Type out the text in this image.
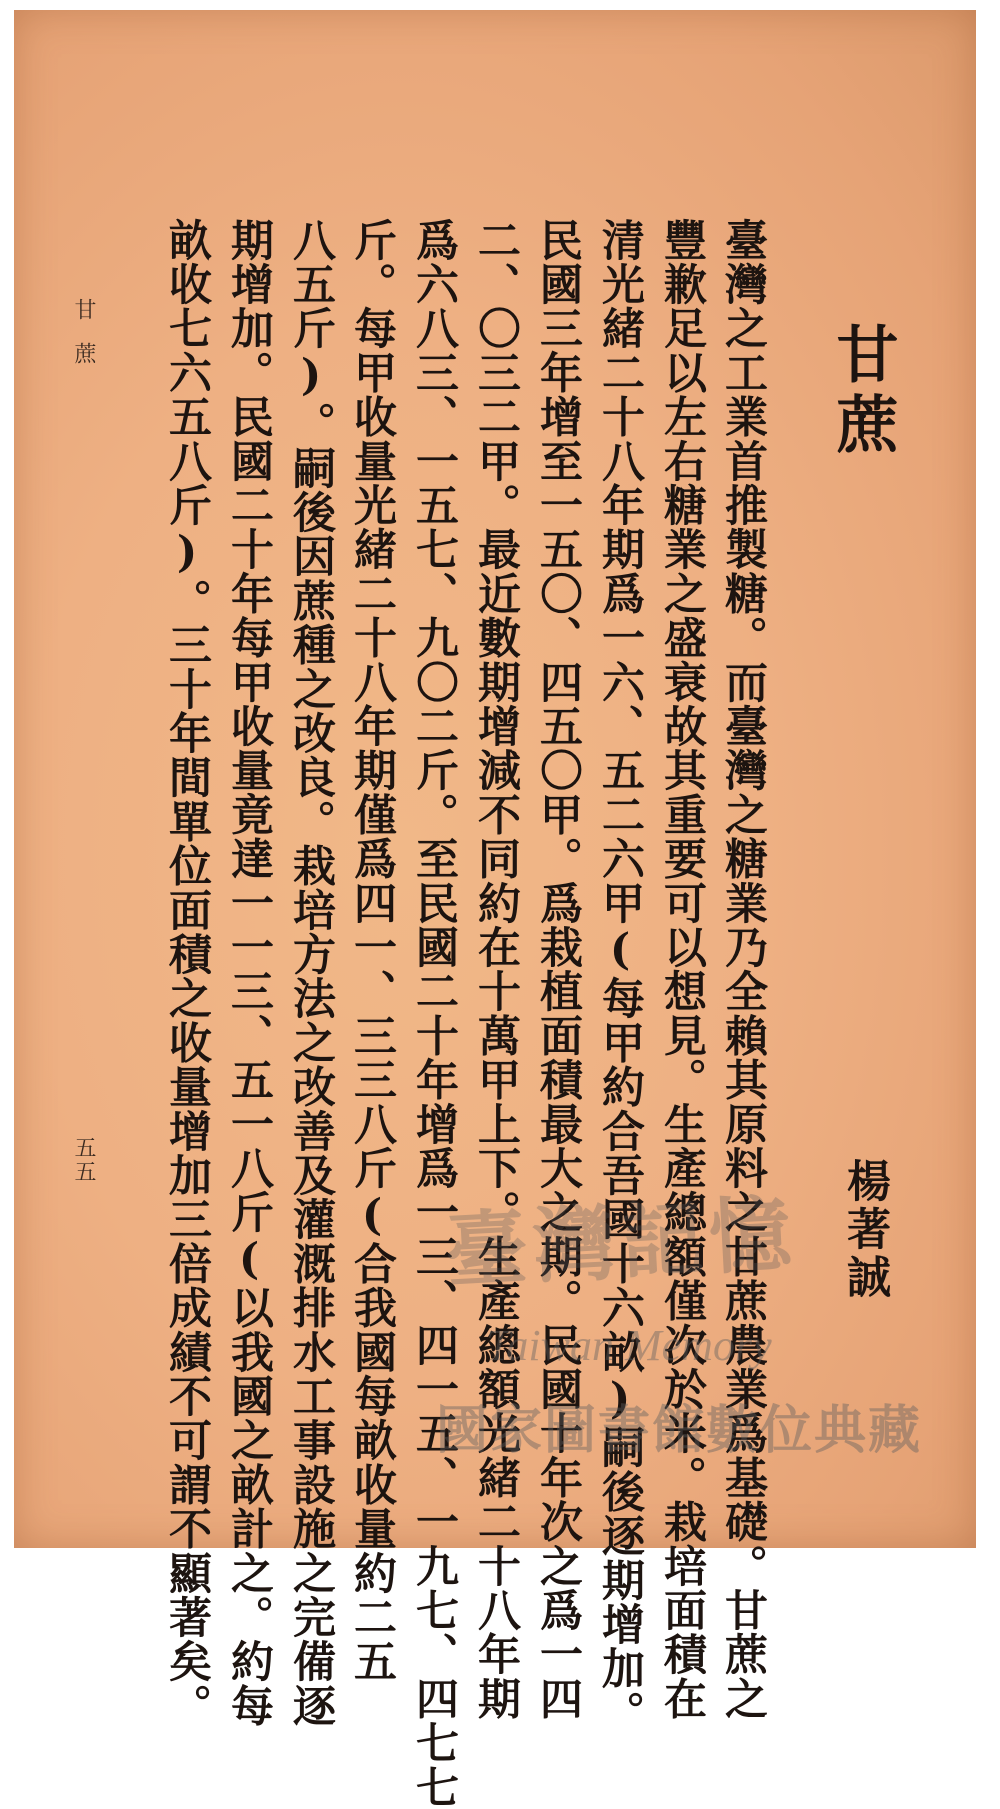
甘蔗
楊著誠
臺灣之工業首推製糖。而臺灣之糖業乃全賴其原料之甘蔗農業爲基礎。甘蔗之
豐歉足以左右糖業之盛衰故其重要可以想見。生產總額僅次於米。栽培面積在
清光緒二十八年期爲一六、五二六甲(每甲約合吾國十六畝)嗣後逐期增加。
民國三年增至一五〇、四五〇甲。爲栽植面積最大之期。民國十年次之爲一四
二、〇三二甲。最近數期增減不同約在十萬甲上下。生產總額光緒二十八年期
爲六八三、一五七、九〇二斤。至民國二十年增爲一三、四一五、一九七、四七七
斤。每甲收量光緒二十八年期僅爲四一、三三八斤(合我國每畝收量約二五
八五斤)。嗣後因蔗種之改良。栽培方法之改善及灌溉排水工事設施之完備逐
期增加。民國二十年每甲收量竟達一一三、五一八斤(以我國之畝計之。約每
畝收七六五八斤)。三十年間單位面積之收量增加三倍成績不可謂不顯著矣。
甘蔗
五五
臺灣記憶
Taiwan Memory
國家圖書館數位典藏
